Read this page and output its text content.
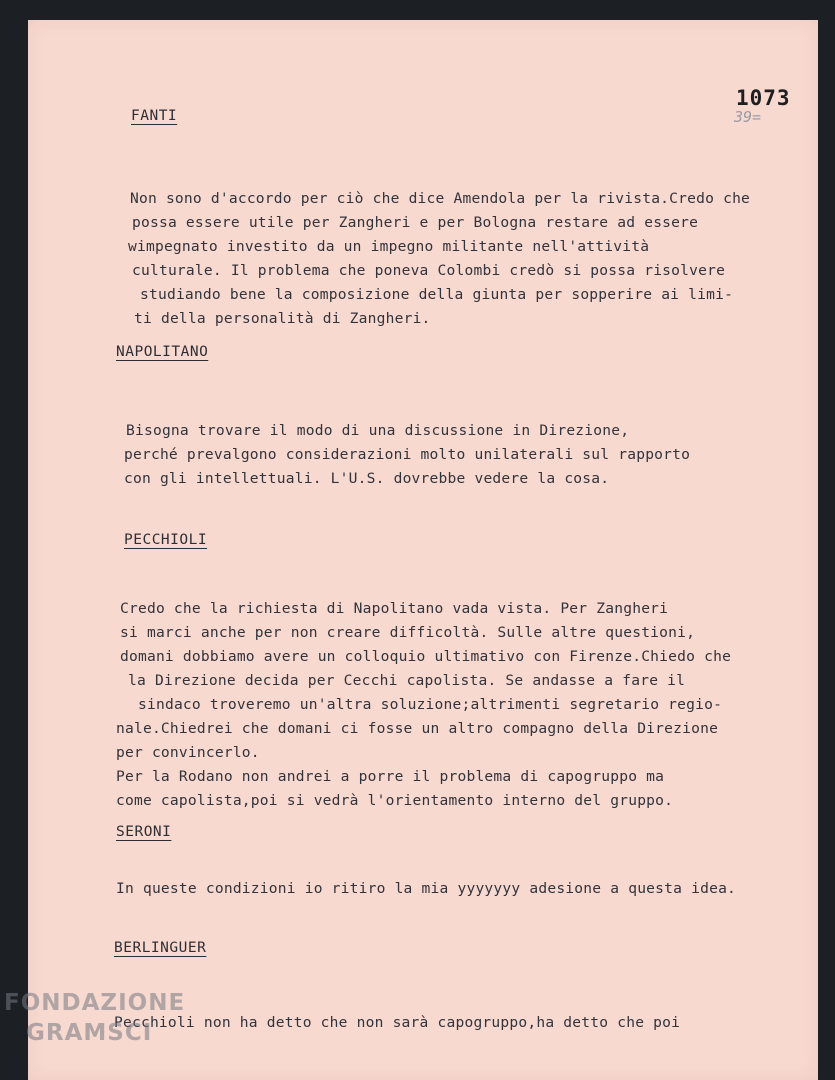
1073
39=
FANTI
Non sono d'accordo per ciò che dice Amendola per la rivista.Credo che
possa essere utile per Zangheri e per Bologna restare ad essere
wimpegnato investito da un impegno militante nell'attività
culturale. Il problema che poneva Colombi credò si possa risolvere
studiando bene la composizione della giunta per sopperire ai limi-
ti della personalità di Zangheri.
NAPOLITANO
Bisogna trovare il modo di una discussione in Direzione,
perché prevalgono considerazioni molto unilaterali sul rapporto
con gli intellettuali. L'U.S. dovrebbe vedere la cosa.
PECCHIOLI
Credo che la richiesta di Napolitano vada vista. Per Zangheri
si marci anche per non creare difficoltà. Sulle altre questioni,
domani dobbiamo avere un colloquio ultimativo con Firenze.Chiedo che
la Direzione decida per Cecchi capolista. Se andasse a fare il
sindaco troveremo un'altra soluzione;altrimenti segretario regio-
nale.Chiedrei che domani ci fosse un altro compagno della Direzione
per convincerlo.
Per la Rodano non andrei a porre il problema di capogruppo ma
come capolista,poi si vedrà l'orientamento interno del gruppo.
SERONI
In queste condizioni io ritiro la mia yyyyyyy adesione a questa idea.
BERLINGUER
Pecchioli non ha detto che non sarà capogruppo,ha detto che poi
FONDAZIONE
GRAMSCI
